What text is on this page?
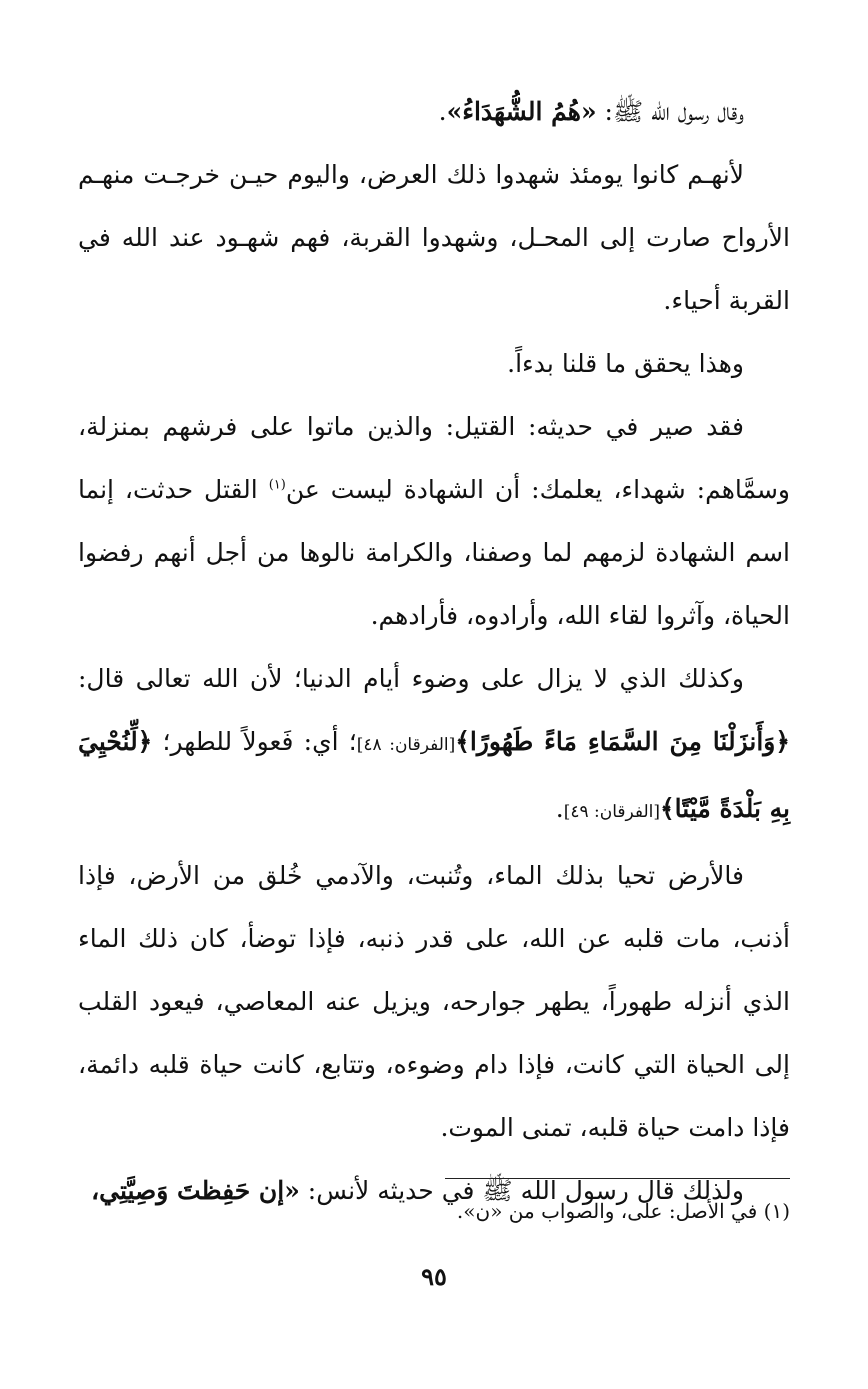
وقال رسول الله ﷺ: «هُمُ الشُّهَدَاءُ».

لأنهـم كانوا يومئذ شهدوا ذلك العرض، واليوم حيـن خرجـت منهـم الأرواح صارت إلى المحـل، وشهدوا القربة، فهم شهـود عند الله في القربة أحياء.

وهذا يحقق ما قلنا بدءاً.

فقد صير في حديثه: القتيل: والذين ماتوا على فرشهم بمنزلة، وسمَّاهم: شهداء، يعلمك: أن الشهادة ليست عن$^{(١)}$ القتل حدثت، إنما اسم الشهادة لزمهم لما وصفنا، والكرامة نالوها من أجل أنهم رفضوا الحياة، وآثروا لقاء الله، وأرادوه، فأرادهم.

وكذلك الذي لا يزال على وضوء أيام الدنيا؛ لأن الله تعالى قال: ﴿وَأَنزَلْنَا مِنَ السَّمَاءِ مَاءً طَهُورًا﴾[الفرقان: ٤٨]؛ أي: فَعولاً للطهر؛ ﴿لِّنُحْيِيَ بِهِ بَلْدَةً مَّيْتًا﴾[الفرقان: ٤٩].

فالأرض تحيا بذلك الماء، وتُنبت، والآدمي خُلق من الأرض، فإذا أذنب، مات قلبه عن الله، على قدر ذنبه، فإذا توضأ، كان ذلك الماء الذي أنزله طهوراً، يطهر جوارحه، ويزيل عنه المعاصي، فيعود القلب إلى الحياة التي كانت، فإذا دام وضوءه، وتتابع، كانت حياة قلبه دائمة، فإذا دامت حياة قلبه، تمنى الموت.

ولذلك قال رسول الله ﷺ في حديثه لأنس: «إن حَفِظتَ وَصِيَّتِي،

(١) في الأصل: على، والصواب من «ن».
٩٥
